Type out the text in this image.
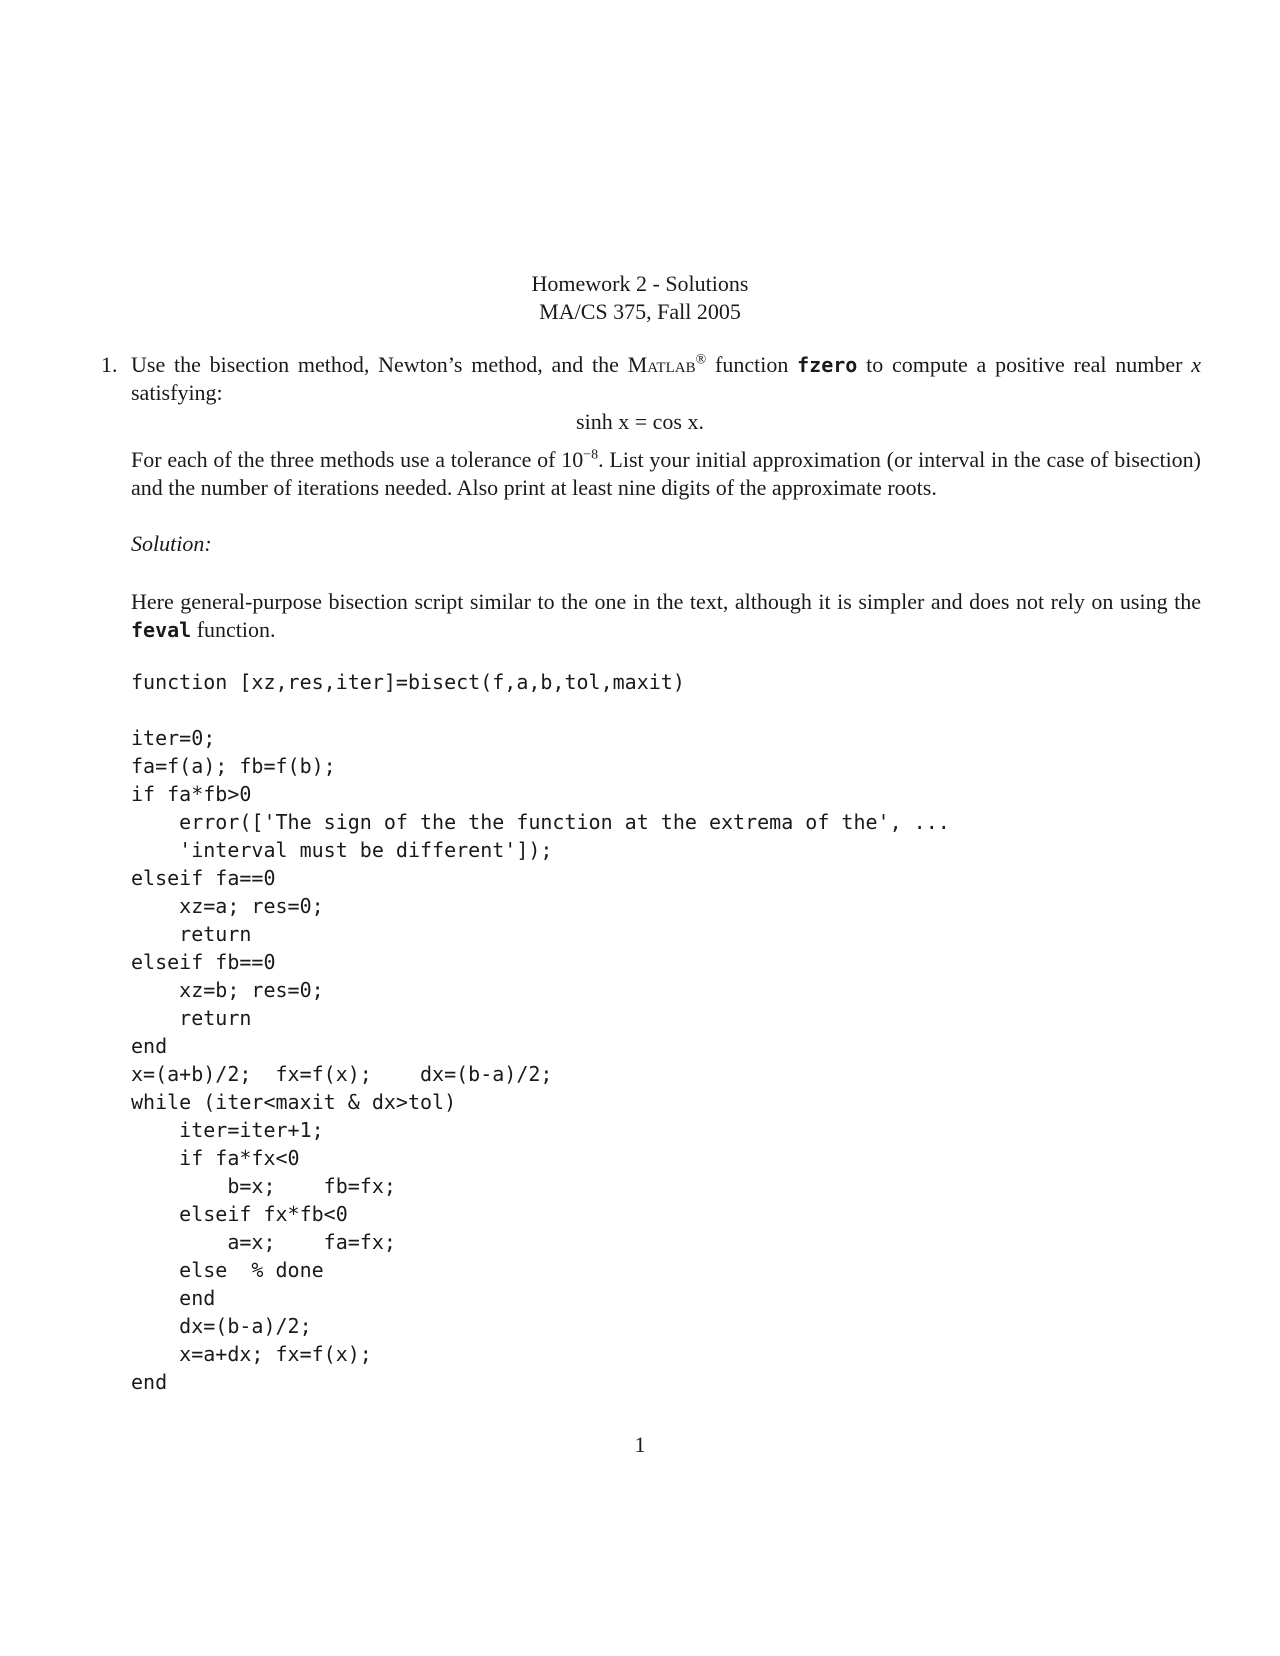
Homework 2 - Solutions
MA/CS 375, Fall 2005
1. Use the bisection method, Newton’s method, and the Matlab® function fzero to compute a positive real number x satisfying:
sinh x = cos x.
For each of the three methods use a tolerance of $10^{-8}$. List your initial approximation (or interval in the case of bisection) and the number of iterations needed. Also print at least nine digits of the approximate roots.
Solution:
Here general-purpose bisection script similar to the one in the text, although it is simpler and does not rely on using the feval function.
function [xz,res,iter]=bisect(f,a,b,tol,maxit)
iter=0;
fa=f(a); fb=f(b);
if fa*fb>0
error(['The sign of the the function at the extrema of the', ...
'interval must be different']);
elseif fa==0
xz=a; res=0;
return
elseif fb==0
xz=b; res=0;
return
end
x=(a+b)/2;  fx=f(x);    dx=(b-a)/2;
while (iter<maxit & dx>tol)
iter=iter+1;
if fa*fx<0
b=x;    fb=fx;
elseif fx*fb<0
a=x;    fa=fx;
else  % done
end
dx=(b-a)/2;
x=a+dx; fx=f(x);
end
1
